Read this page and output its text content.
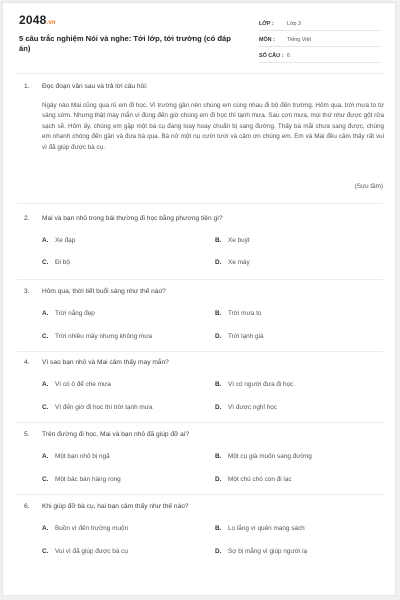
2048.vn
5 câu trắc nghiệm Nói và nghe: Tới lớp, tới trường (có đáp án)
LỚP : Lớp 3
MÔN : Tiếng Việt
SỐ CÂU : 6
1. Đọc đoạn văn sau và trả lời câu hỏi:
Ngày nào Mai cũng qua rủ em đi học. Vì trường gần nên chúng em cùng nhau đi bộ đến trường. Hôm qua, trời mưa to từ sáng sớm. Nhưng thật may mắn vì đúng đến giờ chúng em đi học thì tạnh mưa. Sau cơn mưa, mọi thứ như được gột rửa sạch sẽ. Hôm ấy, chúng em gặp một bà cụ đang loay hoay chuẩn bị sang đường. Thấy bà mãi chưa sang được, chúng em nhanh chóng đến gần và đưa bà qua. Bà nở một nụ cười tươi và cảm ơn chúng em. Em và Mai đều cảm thấy rất vui vì đã giúp được bà cụ.
(Sưu tầm)
2. Mai và bạn nhỏ trong bài thường đi học bằng phương tiện gì?
A. Xe đạp	B. Xe buýt
C. Đi bộ	D. Xe máy
3. Hôm qua, thời tiết buổi sáng như thế nào?
A. Trời nắng đẹp	B. Trời mưa to
C. Trời nhiều mây nhưng không mưa	D. Trời lạnh giá
4. Vì sao bạn nhỏ và Mai cảm thấy may mắn?
A. Vì có ô để che mưa	B. Vì có người đưa đi học
C. Vì đến giờ đi học thì trời tạnh mưa	D. Vì được nghỉ học
5. Trên đường đi học, Mai và bạn nhỏ đã giúp đỡ ai?
A. Một bạn nhỏ bị ngã	B. Một cụ già muốn sang đường
C. Một bác bán hàng rong	D. Một chú chó con đi lạc
6. Khi giúp đỡ bà cụ, hai bạn cảm thấy như thế nào?
A. Buồn vì đến trường muộn	B. Lo lắng vì quên mang sách
C. Vui vì đã giúp được bà cụ	D. Sợ bị mắng vì giúp người lạ
